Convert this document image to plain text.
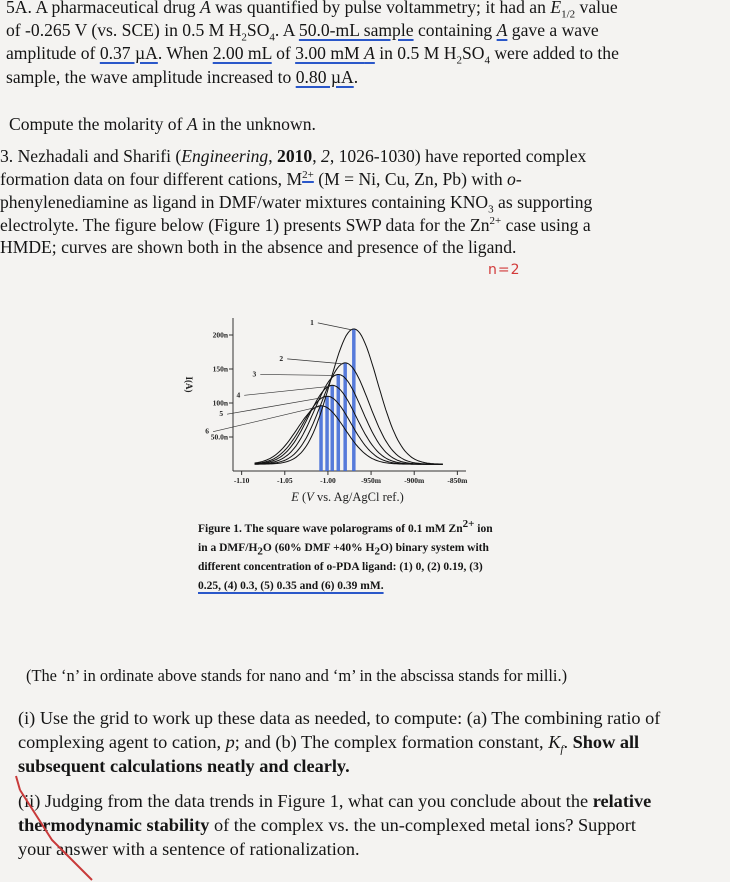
5A. A pharmaceutical drug A was quantified by pulse voltammetry; it had an $E_{1/2}$ value
of -0.265 V (vs. SCE) in 0.5 M $H_2SO_4$. A 50.0-mL sample containing A gave a wave
amplitude of 0.37 µA. When 2.00 mL of 3.00 mM A in 0.5 M $H_2SO_4$ were added to the
sample, the wave amplitude increased to 0.80 µA.
Compute the molarity of A in the unknown.
3. Nezhadali and Sharifi (Engineering, 2010, 2, 1026-1030) have reported complex
formation data on four different cations, $M^{2+}$ (M = Ni, Cu, Zn, Pb) with o-
phenylenediamine as ligand in DMF/water mixtures containing $KNO_3$ as supporting
electrolyte. The figure below (Figure 1) presents SWP data for the $Zn^{2+}$ case using a
HMDE; curves are shown both in the absence and presence of the ligand.
n=2
200n
150n
100n
50.0n
-1.10	-1.05	-1.00	-950m	-900m	-850m
I(A)
E (V vs. Ag/AgCl ref.)
1
2
3
4
5
6
Figure 1. The square wave polarograms of 0.1 mM $Zn^{2+}$ ion
in a DMF/$H_2O$ (60% DMF +40% $H_2O$) binary system with
different concentration of o-PDA ligand: (1) 0, (2) 0.19, (3)
0.25, (4) 0.3, (5) 0.35 and (6) 0.39 mM.
(The ‘n’ in ordinate above stands for nano and ‘m’ in the abscissa stands for milli.)
(i) Use the grid to work up these data as needed, to compute: (a) The combining ratio of
complexing agent to cation, p; and (b) The complex formation constant, $K_f$. Show all
subsequent calculations neatly and clearly.
(ii) Judging from the data trends in Figure 1, what can you conclude about the relative
thermodynamic stability of the complex vs. the un-complexed metal ions? Support
your answer with a sentence of rationalization.
